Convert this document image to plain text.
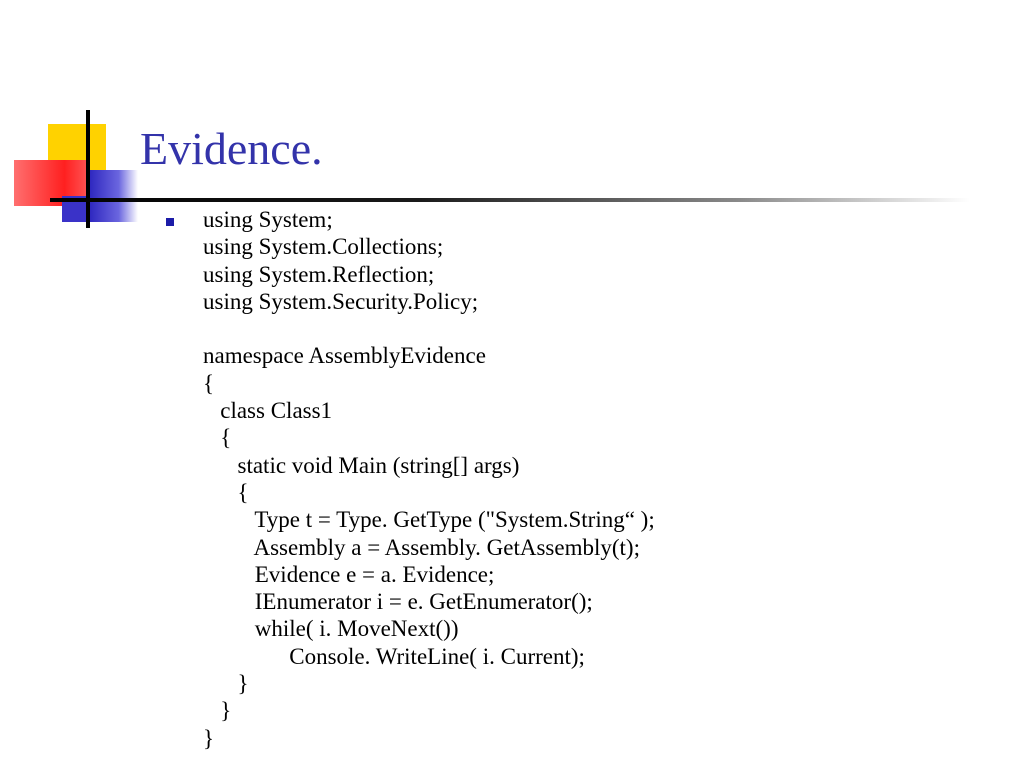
Evidence.
using System;
using System.Collections;
using System.Reflection;
using System.Security.Policy;
namespace AssemblyEvidence
{
class Class1
{
static void Main (string[] args)
{
Type t = Type. GetType ("System.String“ );
Assembly a = Assembly. GetAssembly(t);
Evidence e = a. Evidence;
IEnumerator i = e. GetEnumerator();
while( i. MoveNext())
Console. WriteLine( i. Current);
}
}
}
